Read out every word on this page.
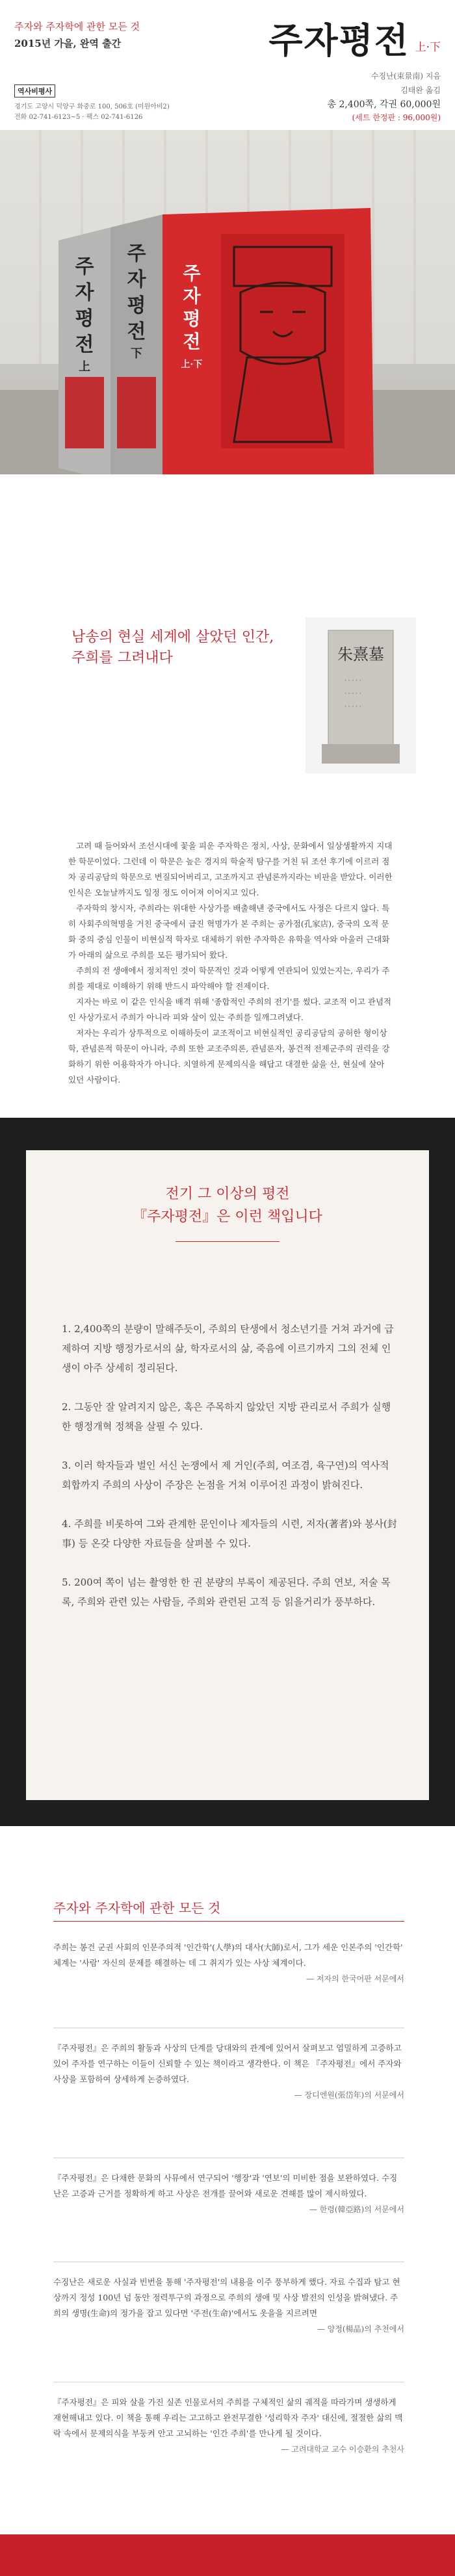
주자와 주자학에 관한 모든 것
2015년 가을, 완역 출간	주자평전 上·下
수징난(束景南) 지음
김태완 옮김
역사비평사
경기도 고양시 덕양구 화중로 100, 506호 (미원아비2)
전화 02-741-6123~5 · 팩스 02-741-6126
총 2,400쪽, 각권 60,000원
(세트 한정판 : 96,000원)
주
자
평
전
上
주
자
평
전
下
주
자
평
전
上·下
남송의 현실 세계에 살았던 인간,
주희를 그려내다	朱熹墓
· · · · ·
· · · · ·
· · · · ·

고려 때 들어와서 조선시대에 꽃을 피운 주자학은 정치, 사상, 문화에서 일상생활까지 지대한 학문이었다. 그런데 이 학문은 높은 경지의 학술적 탐구를 거친 뒤 조선 후기에 이르러 점차 공리공담의 학문으로 변질되어버리고, 고조까지고 관념론까지라는 비판을 받았다. 이러한 인식은 오늘날까지도 일정 정도 이어져 이어지고 있다.

주자학의 창시자, 주희라는 위대한 사상가를 배출해낸 중국에서도 사정은 다르지 않다. 특히 사회주의혁명을 거친 중국에서 급진 혁명가가 본 주희는 공가점(孔家店), 중국의 오적 문화 중의 중심 인물이 비현실적 학자로 대체하기 위한 주자학은 유학을 역사와 아울러 근대화가 아래의 삶으로 주희를 모든 평가되어 왔다.

주희의 전 생애에서 정치적인 것이 학문적인 것과 어떻게 연관되어 있었는지는, 우리가 주희를 제대로 이해하기 위해 반드시 파악해야 할 전제이다.

지자는 바로 이 같은 인식을 배격 위해 '종합적인 주희의 전기'를 썼다. 교조적 이고 관념적인 사상가로서 주희가 아니라 피와 살이 있는 주희를 일깨그려냈다.

저자는 우리가 상투적으로 이해하듯이 교조적이고 비현실적인 공리공담의 공허한 형이상학, 관념론적 학문이 아니라, 주희 또한 교조주의론, 관념론자, 봉건적 전제군주의 권력을 강화하기 위한 어용학자가 아니다. 치열하게 문제의식을 해답고 대결한 삶을 산, 현실에 살아 있던 사람이다.

전기 그 이상의 평전
『주자평전』은 이런 책입니다
1. 2,400쪽의 분량이 말해주듯이, 주희의 탄생에서 청소년기를 거쳐 과거에 급제하여 지방 행정가로서의 삶, 학자로서의 삶, 죽음에 이르기까지 그의 전체 인생이 아주 상세히 정리된다.
2. 그동안 잘 알려지지 않은, 혹은 주목하지 않았던 지방 관리로서 주희가 실행한 행정개혁 정책을 살필 수 있다.
3. 이러 학자들과 벌인 서신 논쟁에서 제 거인(주희, 여조겸, 육구연)의 역사적 회합까지 주희의 사상이 주장은 논점을 거쳐 이루어진 과정이 밝혀진다.
4. 주희를 비롯하여 그와 관계한 문인이나 제자들의 시련, 저자(著者)와 봉사(封事) 등 온갖 다양한 자료들을 살펴볼 수 있다.
5. 200여 쪽이 넘는 촬영한 한 권 분량의 부록이 제공된다. 주희 연보, 저술 목록, 주희와 관련 있는 사람들, 주희와 관련된 고적 등 읽을거리가 풍부하다.
주자와 주자학에 관한 모든 것
주희는 봉건 군권 사회의 인문주의적 '인간학'(人學)의 대사(大師)로서, 그가 세운 인본주의 '인간학' 체계는 '사람' 자신의 문제를 해결하는 데 그 취지가 있는 사상 체계이다.
— 저자의 한국어판 서문에서
『주자평전』은 주희의 활동과 사상의 단계를 당대와의 관계에 있어서 살펴보고 엄밀하게 고증하고 있어 주자를 연구하는 이들이 신뢰할 수 있는 책이라고 생각한다. 이 책은 『주자평전』에서 주자와 사상을 포함하여 상세하게 논증하였다.
— 장디엔원(張岱年)의 서문에서
『주자평전』은 다채한 문화의 사뮤에서 연구되어 '행장'과 '연보'의 미비한 점을 보완하였다. 수징난은 고증과 근거를 정확하게 하고 사상은 전개를 끌어와 새로운 견해를 많이 제시하였다.
— 한령(韓亞路)의 서문에서
수징난은 새로운 사실과 빈번을 통해 '주자평전'의 내용을 이주 풍부하게 했다. 자료 수집과 탐고 현상까지 정성 100년 넘 동안 정력투구의 과정으로 주희의 생애 및 사상 발전의 인성을 밝혀냈다. 주희의 생명(生命)의 정가을 잡고 있다면 '주전(生命)'에서도 옷을을 지르려면
— 양정(楊晶)의 추천에서
『주자평전』은 피와 살을 가진 실존 인물로서의 주희를 구체적인 삶의 궤적을 따라가며 생생하게 재현해내고 있다. 이 책을 통해 우리는 고고하고 완전무결한 '성리학자 주자' 대신에, 절절한 삶의 맥락 속에서 문제의식을 부둥켜 안고 고뇌하는 '인간 주희'를 만나게 될 것이다.
— 고려대학교 교수 이승환의 추천사
